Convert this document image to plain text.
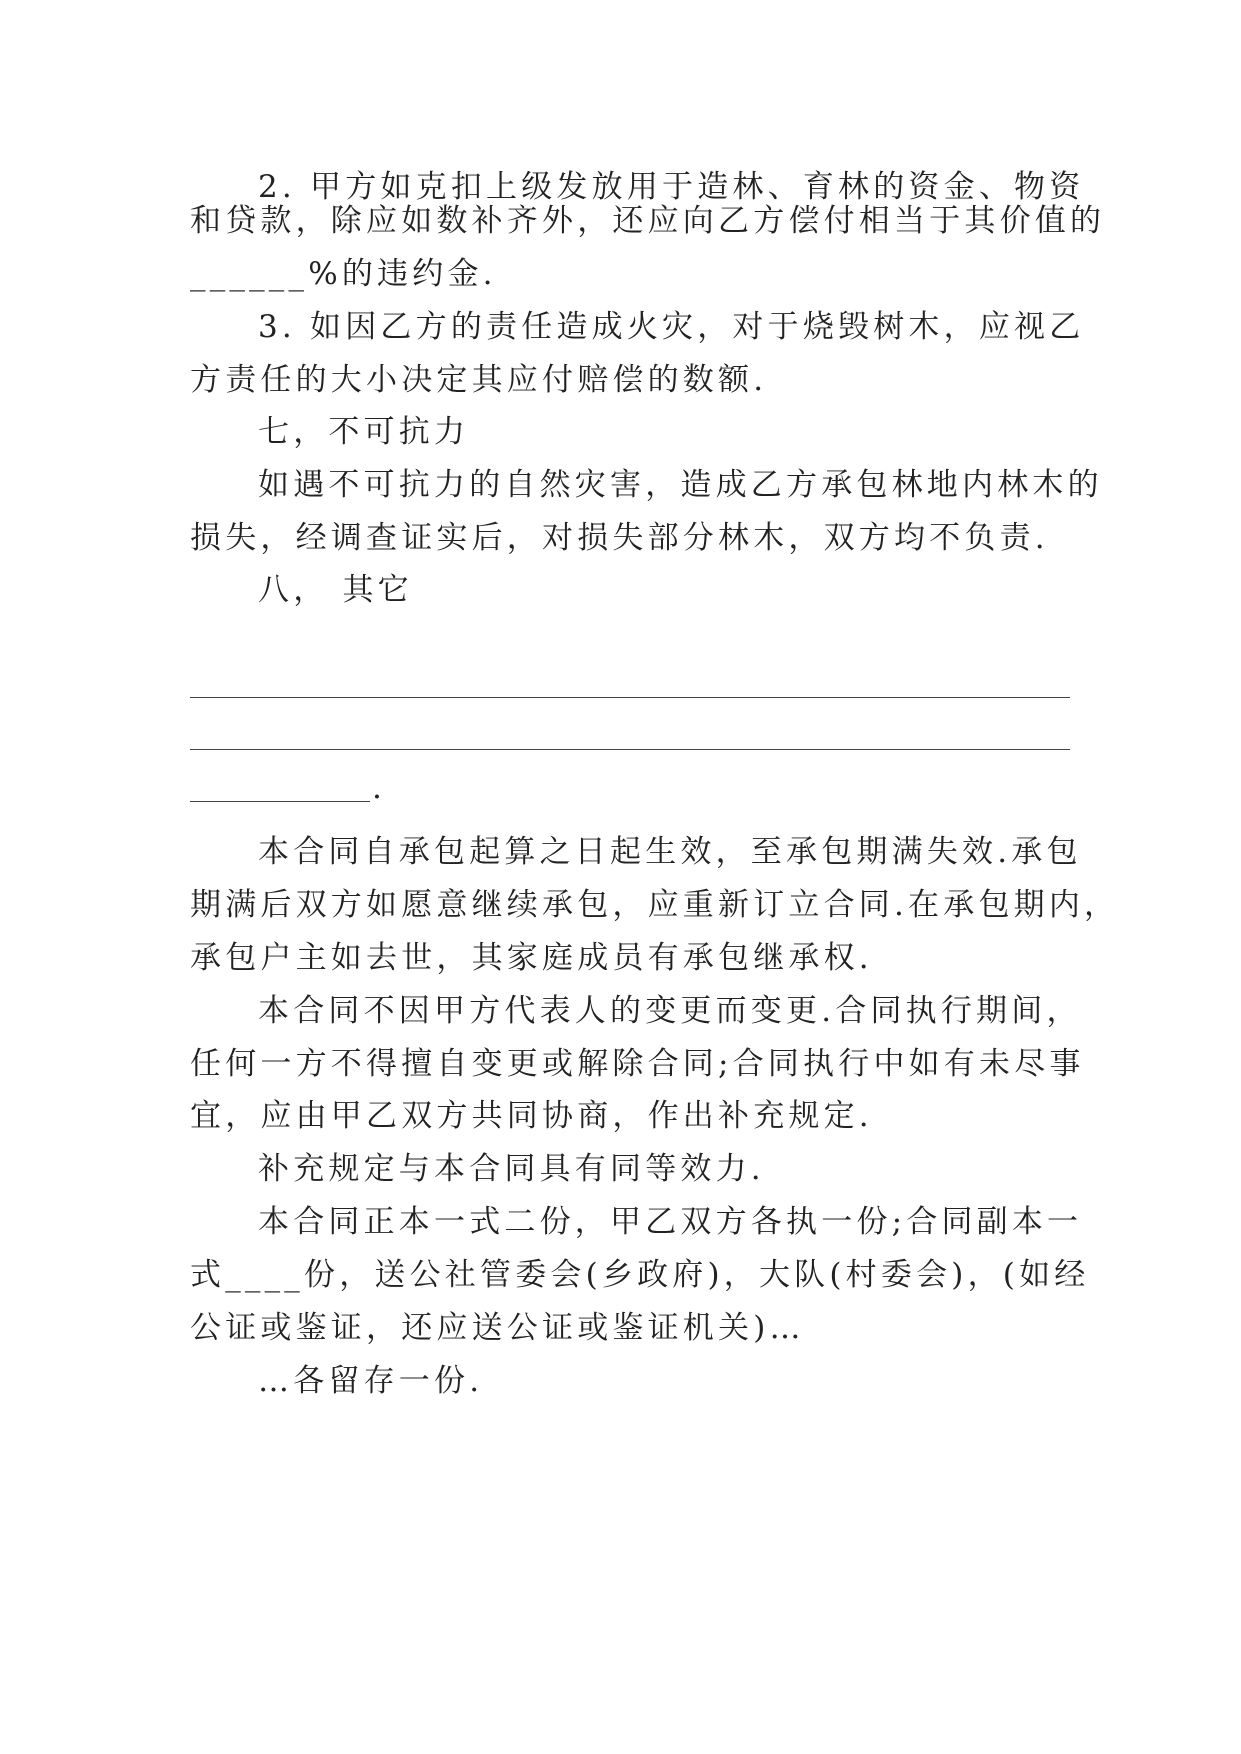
2. 甲方如克扣上级发放用于造林、育林的资金、物资
和贷款，除应如数补齐外，还应向乙方偿付相当于其价值的
______%的违约金.
3. 如因乙方的责任造成火灾，对于烧毁树木，应视乙
方责任的大小决定其应付赔偿的数额.
七，不可抗力
如遇不可抗力的自然灾害，造成乙方承包林地内林木的
损失，经调查证实后，对损失部分林木，双方均不负责.
八， 其它
.
本合同自承包起算之日起生效，至承包期满失效.承包
期满后双方如愿意继续承包，应重新订立合同.在承包期内，
承包户主如去世，其家庭成员有承包继承权.
本合同不因甲方代表人的变更而变更.合同执行期间，
任何一方不得擅自变更或解除合同;合同执行中如有未尽事
宜，应由甲乙双方共同协商，作出补充规定.
补充规定与本合同具有同等效力.
本合同正本一式二份，甲乙双方各执一份;合同副本一
式____份，送公社管委会(乡政府)，大队(村委会)，(如经
公证或鉴证，还应送公证或鉴证机关)…
…各留存一份.
